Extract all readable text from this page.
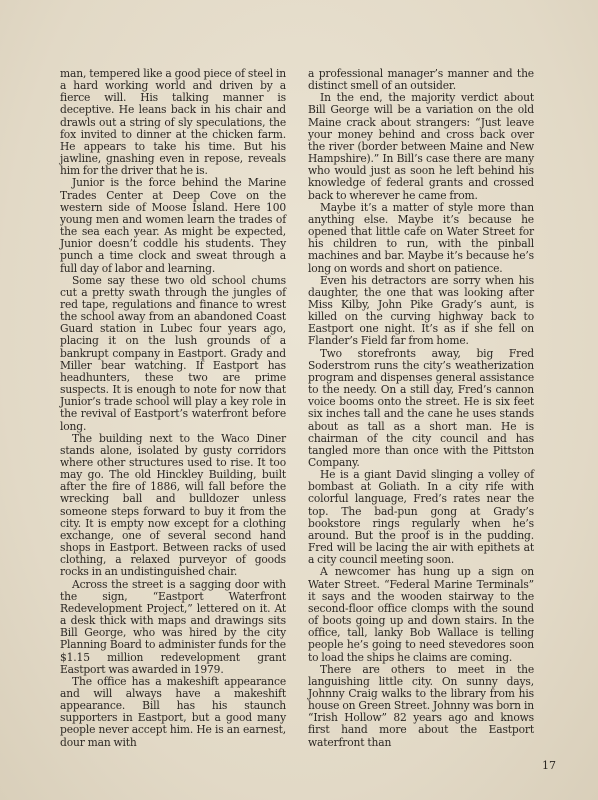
man, tempered like a good piece of steel in a hard working world and driven by a fierce will. His talking manner is deceptive. He leans back in his chair and drawls out a string of sly speculations, the fox invited to dinner at the chicken farm. He appears to take his time. But his jawline, gnashing even in repose, reveals him for the driver that he is.

Junior is the force behind the Marine Trades Center at Deep Cove on the western side of Moose Island. Here 100 young men and women learn the trades of the sea each year. As might be expected, Junior doesn’t coddle his students. They punch a time clock and sweat through a full day of labor and learning.

Some say these two old school chums cut a pretty swath through the jungles of red tape, regulations and finance to wrest the school away from an abandoned Coast Guard station in Lubec four years ago, placing it on the lush grounds of a bankrupt company in Eastport. Grady and Miller bear watching. If Eastport has headhunters, these two are prime suspects. It is enough to note for now that Junior’s trade school will play a key role in the revival of Eastport’s waterfront before long.

The building next to the Waco Diner stands alone, isolated by gusty corridors where other structures used to rise. It too may go. The old Hinckley Building, built after the fire of 1886, will fall before the wrecking ball and bulldozer unless someone steps forward to buy it from the city. It is empty now except for a clothing exchange, one of several second hand shops in Eastport. Between racks of used clothing, a relaxed purveyor of goods rocks in an undistinguished chair.

Across the street is a sagging door with the sign, “Eastport Waterfront Redevelopment Project,” lettered on it. At a desk thick with maps and drawings sits Bill George, who was hired by the city Planning Board to administer funds for the $1.15 million redevelopment grant Eastport was awarded in 1979.

The office has a makeshift appearance and will always have a makeshift appearance. Bill has his staunch supporters in Eastport, but a good many people never accept him. He is an earnest, dour man with

a professional manager’s manner and the distinct smell of an outsider.

In the end, the majority verdict about Bill George will be a variation on the old Maine crack about strangers: “Just leave your money behind and cross back over the river (border between Maine and New Hampshire).” In Bill’s case there are many who would just as soon he left behind his knowledge of federal grants and crossed back to wherever he came from.

Maybe it’s a matter of style more than anything else. Maybe it’s because he opened that little cafe on Water Street for his children to run, with the pinball machines and bar. Maybe it’s because he’s long on words and short on patience.

Even his detractors are sorry when his daughter, the one that was looking after Miss Kilby, John Pike Grady’s aunt, is killed on the curving highway back to Eastport one night. It’s as if she fell on Flander’s Field far from home.

Two storefronts away, big Fred Soderstrom runs the city’s weatherization program and dispenses general assistance to the needy. On a still day, Fred’s cannon voice booms onto the street. He is six feet six inches tall and the cane he uses stands about as tall as a short man. He is chairman of the city council and has tangled more than once with the Pittston Company.

He is a giant David slinging a volley of bombast at Goliath. In a city rife with colorful language, Fred’s rates near the top. The bad-pun gong at Grady’s bookstore rings regularly when he’s around. But the proof is in the pudding. Fred will be lacing the air with epithets at a city council meeting soon.

A newcomer has hung up a sign on Water Street. “Federal Marine Terminals” it says and the wooden stairway to the second-floor office clomps with the sound of boots going up and down stairs. In the office, tall, lanky Bob Wallace is telling people he’s going to need stevedores soon to load the ships he claims are coming.

There are others to meet in the languishing little city. On sunny days, Johnny Craig walks to the library from his house on Green Street. Johnny was born in “Irish Hollow” 82 years ago and knows first hand more about the Eastport waterfront than

17
